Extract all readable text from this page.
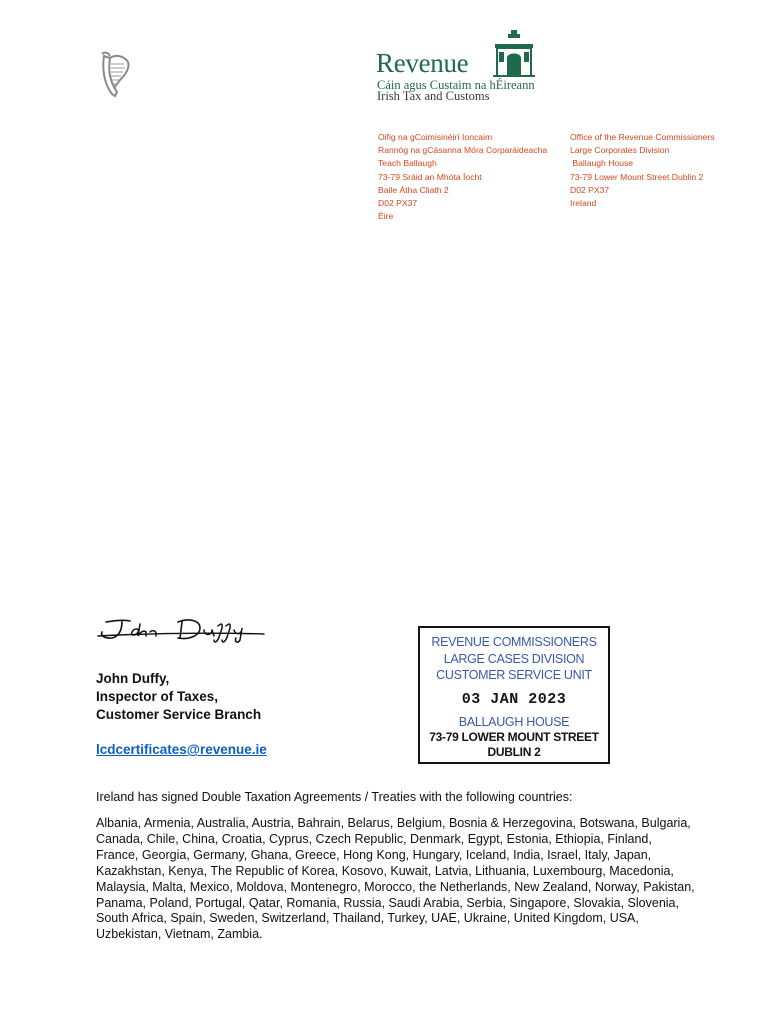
Revenue
Cáin agus Custaim na hÉireann
Irish Tax and Customs
Oifig na gCoimisinéirí Ioncaim
Rannóg na gCásanna Móra Corparáideacha
Teach Ballaugh
73-79 Sráid an Mhóta Íocht
Baile Átha Cliath 2
D02 PX37
Éire
Office of the Revenue Commissioners
Large Corporates Division
Ballaugh House
73-79 Lower Mount Street Dublin 2
D02 PX37
Ireland
John Duffy,
Inspector of Taxes,
Customer Service Branch
lcdcertificates@revenue.ie
REVENUE COMMISSIONERS
LARGE CASES DIVISION
CUSTOMER SERVICE UNIT
03 JAN 2023
BALLAUGH HOUSE
73-79 LOWER MOUNT STREET
DUBLIN 2
Ireland has signed Double Taxation Agreements / Treaties with the following countries:
Albania, Armenia, Australia, Austria, Bahrain, Belarus, Belgium, Bosnia & Herzegovina, Botswana, Bulgaria, Canada, Chile, China, Croatia, Cyprus, Czech Republic, Denmark, Egypt, Estonia, Ethiopia, Finland, France, Georgia, Germany, Ghana, Greece, Hong Kong, Hungary, Iceland, India, Israel, Italy, Japan, Kazakhstan, Kenya, The Republic of Korea, Kosovo, Kuwait, Latvia, Lithuania, Luxembourg, Macedonia, Malaysia, Malta, Mexico, Moldova, Montenegro, Morocco, the Netherlands, New Zealand, Norway, Pakistan, Panama, Poland, Portugal, Qatar, Romania, Russia, Saudi Arabia, Serbia, Singapore, Slovakia, Slovenia, South Africa, Spain, Sweden, Switzerland, Thailand, Turkey, UAE, Ukraine, United Kingdom, USA, Uzbekistan, Vietnam, Zambia.
